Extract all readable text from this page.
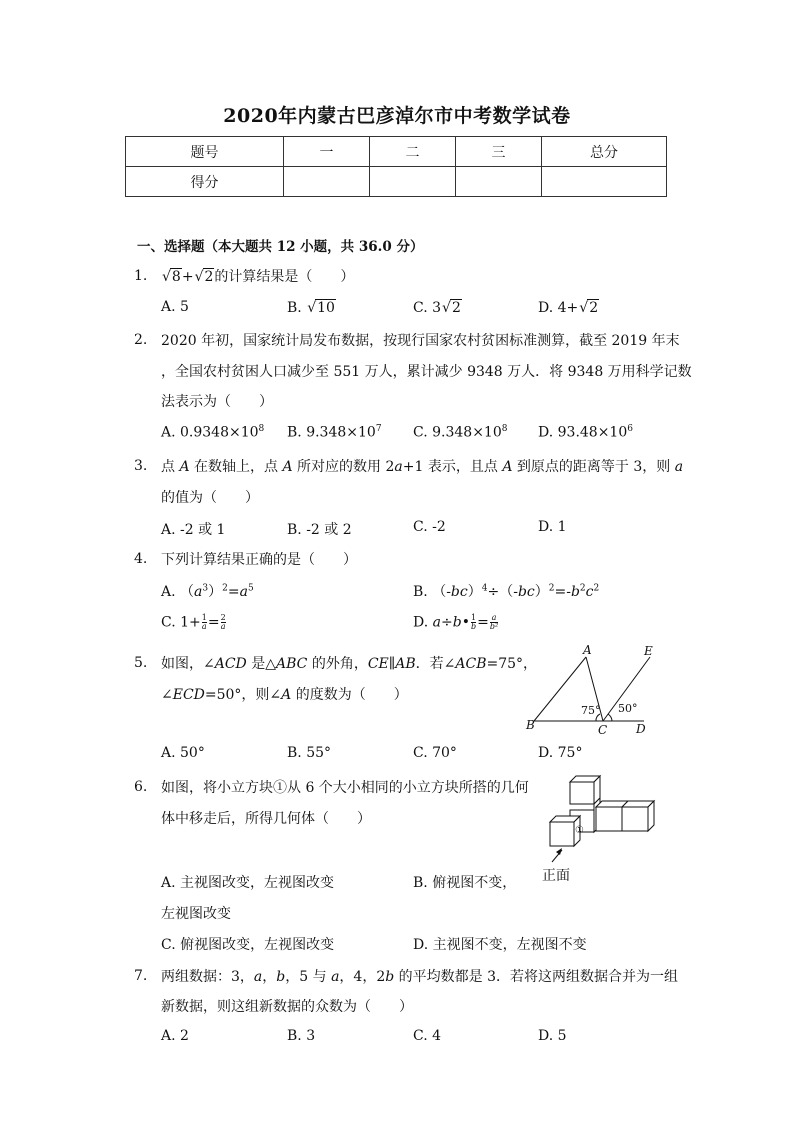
2020年内蒙古巴彦淖尔市中考数学试卷
题号	一	二	三	总分
得分				
一、选择题（本大题共 12 小题，共 36.0 分）
1.	√ 8+ √ 2的计算结果是（　　）
A. 5	B. √ 10	C. 3 √ 2	D. 4+ √ 2
2. 2020 年初，国家统计局发布数据，按现行国家农村贫困标准测算，截至 2019 年末
，全国农村贫困人口减少至 551 万人，累计减少 9348 万人．将 9348 万用科学记数
法表示为（　　）
A. $0.9348\times 10^8$ B. $9.348\times 10^7$ C. $9.348\times 10^8$ D. $93.48\times 10^6$
3. 点 A 在数轴上，点 A 所对应的数用 2a+1 表示，且点 A 到原点的距离等于 3，则 a
的值为（　　）
A. -2 或 1	B. -2 或 2	C. -2	D. 1
4. 下列计算结果正确的是（　　）
A. $(a^3)^2=a^5$	B. $(-bc)^4\div(-bc)^2=-b^2c^2$
C. $1+ \frac{1}{a} = \frac{2}{a}$	D. a÷b• $\frac{1}{b} = \frac{a}{\text{b²}}$
5. 如图，∠ACD 是△ABC 的外角，CE∥AB．若∠ACB=75°，
∠ECD=50°，则∠A 的度数为（　　）
A
B	C D
E
75° 50°
A. 50°	B. 55°	C. 70°	D. 75°
6. 如图，将小立方块①从 6 个大小相同的小立方块所搭的几何
体中移走后，所得几何体（　　）
①
正面
A. 主视图改变，左视图改变	B. 俯视图不变，
左视图改变
C. 俯视图改变，左视图改变	D. 主视图不变，左视图不变
7. 两组数据：3，a，b，5 与 a，4，2b 的平均数都是 3．若将这两组数据合并为一组
新数据，则这组新数据的众数为（　　）
A. 2	B. 3	C. 4	D. 5
